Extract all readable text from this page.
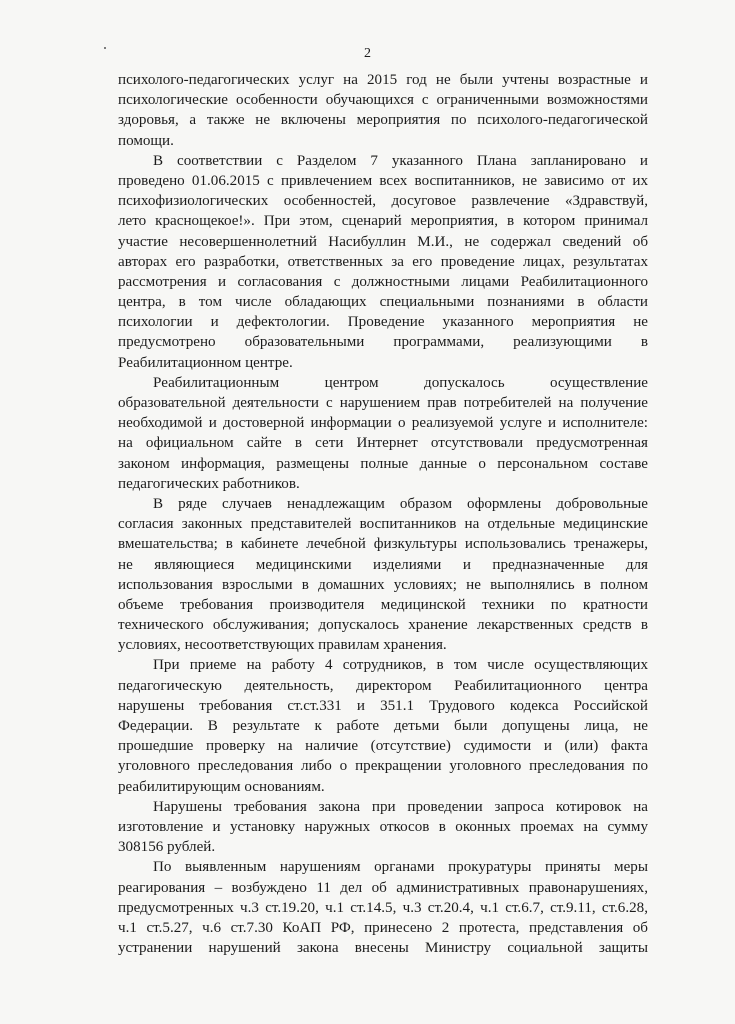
2
психолого-педагогических услуг на 2015 год не были учтены возрастные и
психологические особенности обучающихся с ограниченными возможностями
здоровья, а также не включены мероприятия по психолого-педагогической
помощи.
В соответствии с Разделом 7 указанного Плана запланировано и
проведено 01.06.2015 с привлечением всех воспитанников, не зависимо от их
психофизиологических особенностей, досуговое развлечение «Здравствуй,
лето краснощекое!». При этом, сценарий мероприятия, в котором принимал
участие несовершеннолетний Насибуллин М.И., не содержал сведений об
авторах его разработки, ответственных за его проведение лицах, результатах
рассмотрения и согласования с должностными лицами Реабилитационного
центра, в том числе обладающих специальными познаниями в области
психологии и дефектологии. Проведение указанного мероприятия не
предусмотрено образовательными программами, реализующими в
Реабилитационном центре.
Реабилитационным центром допускалось осуществление
образовательной деятельности с нарушением прав потребителей на получение
необходимой и достоверной информации о реализуемой услуге и исполнителе:
на официальном сайте в сети Интернет отсутствовали предусмотренная
законом информация, размещены полные данные о персональном составе
педагогических работников.
В ряде случаев ненадлежащим образом оформлены добровольные
согласия законных представителей воспитанников на отдельные медицинские
вмешательства; в кабинете лечебной физкультуры использовались тренажеры,
не являющиеся медицинскими изделиями и предназначенные для
использования взрослыми в домашних условиях; не выполнялись в полном
объеме требования производителя медицинской техники по кратности
технического обслуживания; допускалось хранение лекарственных средств в
условиях, несоответствующих правилам хранения.
При приеме на работу 4 сотрудников, в том числе осуществляющих
педагогическую деятельность, директором Реабилитационного центра
нарушены требования ст.ст.331 и 351.1 Трудового кодекса Российской
Федерации. В результате к работе детьми были допущены лица, не
прошедшие проверку на наличие (отсутствие) судимости и (или) факта
уголовного преследования либо о прекращении уголовного преследования по
реабилитирующим основаниям.
Нарушены требования закона при проведении запроса котировок на
изготовление и установку наружных откосов в оконных проемах на сумму
308156 рублей.
По выявленным нарушениям органами прокуратуры приняты меры
реагирования – возбуждено 11 дел об административных правонарушениях,
предусмотренных ч.3 ст.19.20, ч.1 ст.14.5, ч.3 ст.20.4, ч.1 ст.6.7, ст.9.11, ст.6.28,
ч.1 ст.5.27, ч.6 ст.7.30 КоАП РФ, принесено 2 протеста, представления об
устранении нарушений закона внесены Министру социальной защиты
